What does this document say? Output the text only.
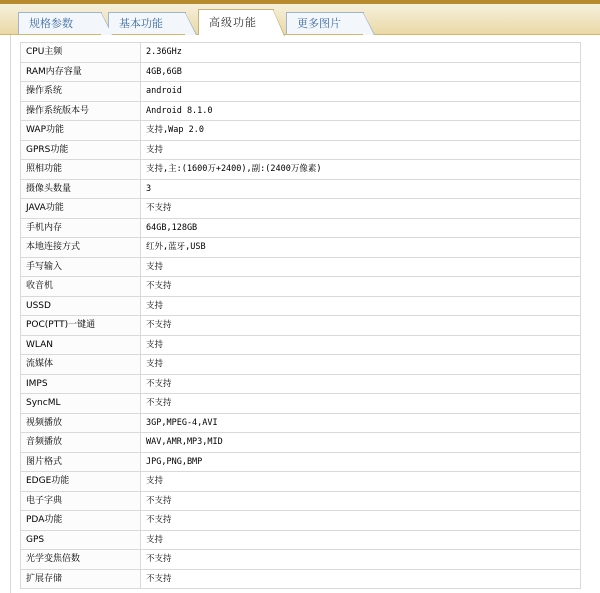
规格参数	基本功能	高级功能	更多图片
CPU主频	2.36GHz
RAM内存容量	4GB,6GB
操作系统	android
操作系统版本号	Android 8.1.0
WAP功能	支持,Wap 2.0
GPRS功能	支持
照相功能	支持,主:(1600万+2400),副:(2400万像素)
摄像头数量	3
JAVA功能	不支持
手机内存	64GB,128GB
本地连接方式	红外,蓝牙,USB
手写输入	支持
收音机	不支持
USSD	支持
POC(PTT)一键通	不支持
WLAN	支持
流媒体	支持
IMPS	不支持
SyncML	不支持
视频播放	3GP,MPEG-4,AVI
音频播放	WAV,AMR,MP3,MID
图片格式	JPG,PNG,BMP
EDGE功能	支持
电子字典	不支持
PDA功能	不支持
GPS	支持
光学变焦倍数	不支持
扩展存储	不支持
